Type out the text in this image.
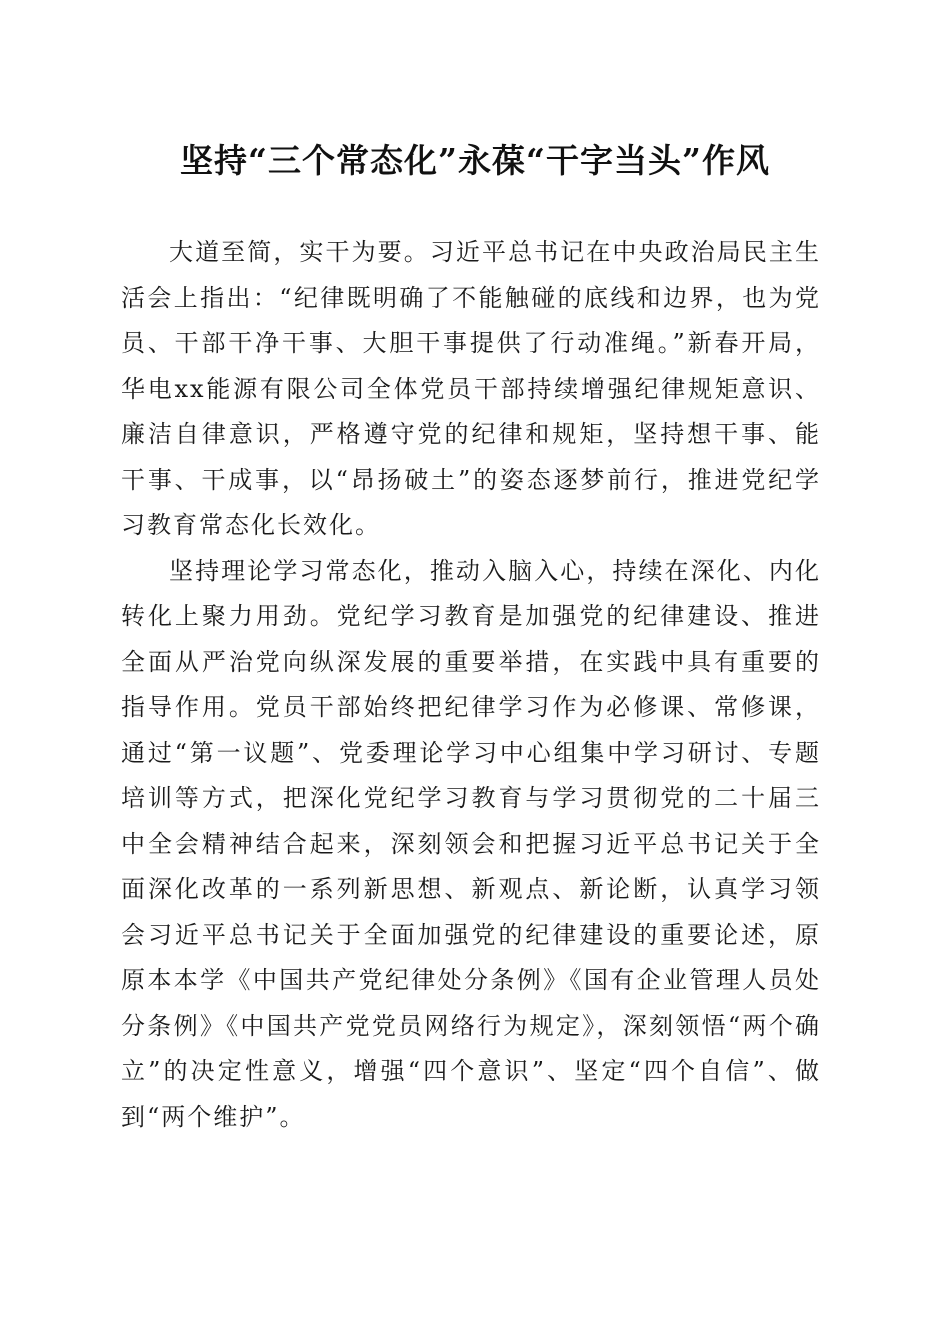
坚持“三个常态化”永葆“干字当头”作风

大道至简，实干为要。习近平总书记在中央政治局民主生活会上指出：“纪律既明确了不能触碰的底线和边界，也为党员、干部干净干事、大胆干事提供了行动准绳。”新春开局，华电xx能源有限公司全体党员干部持续增强纪律规矩意识、廉洁自律意识，严格遵守党的纪律和规矩，坚持想干事、能干事、干成事，以“昂扬破土”的姿态逐梦前行，推进党纪学习教育常态化长效化。

坚持理论学习常态化，推动入脑入心，持续在深化、内化转化上聚力用劲。党纪学习教育是加强党的纪律建设、推进全面从严治党向纵深发展的重要举措，在实践中具有重要的指导作用。党员干部始终把纪律学习作为必修课、常修课，通过“第一议题”、党委理论学习中心组集中学习研讨、专题培训等方式，把深化党纪学习教育与学习贯彻党的二十届三中全会精神结合起来，深刻领会和把握习近平总书记关于全面深化改革的一系列新思想、新观点、新论断，认真学习领会习近平总书记关于全面加强党的纪律建设的重要论述，原原本本学《中国共产党纪律处分条例》《国有企业管理人员处分条例》《中国共产党党员网络行为规定》，深刻领悟“两个确立”的决定性意义，增强“四个意识”、坚定“四个自信”、做到“两个维护”。
